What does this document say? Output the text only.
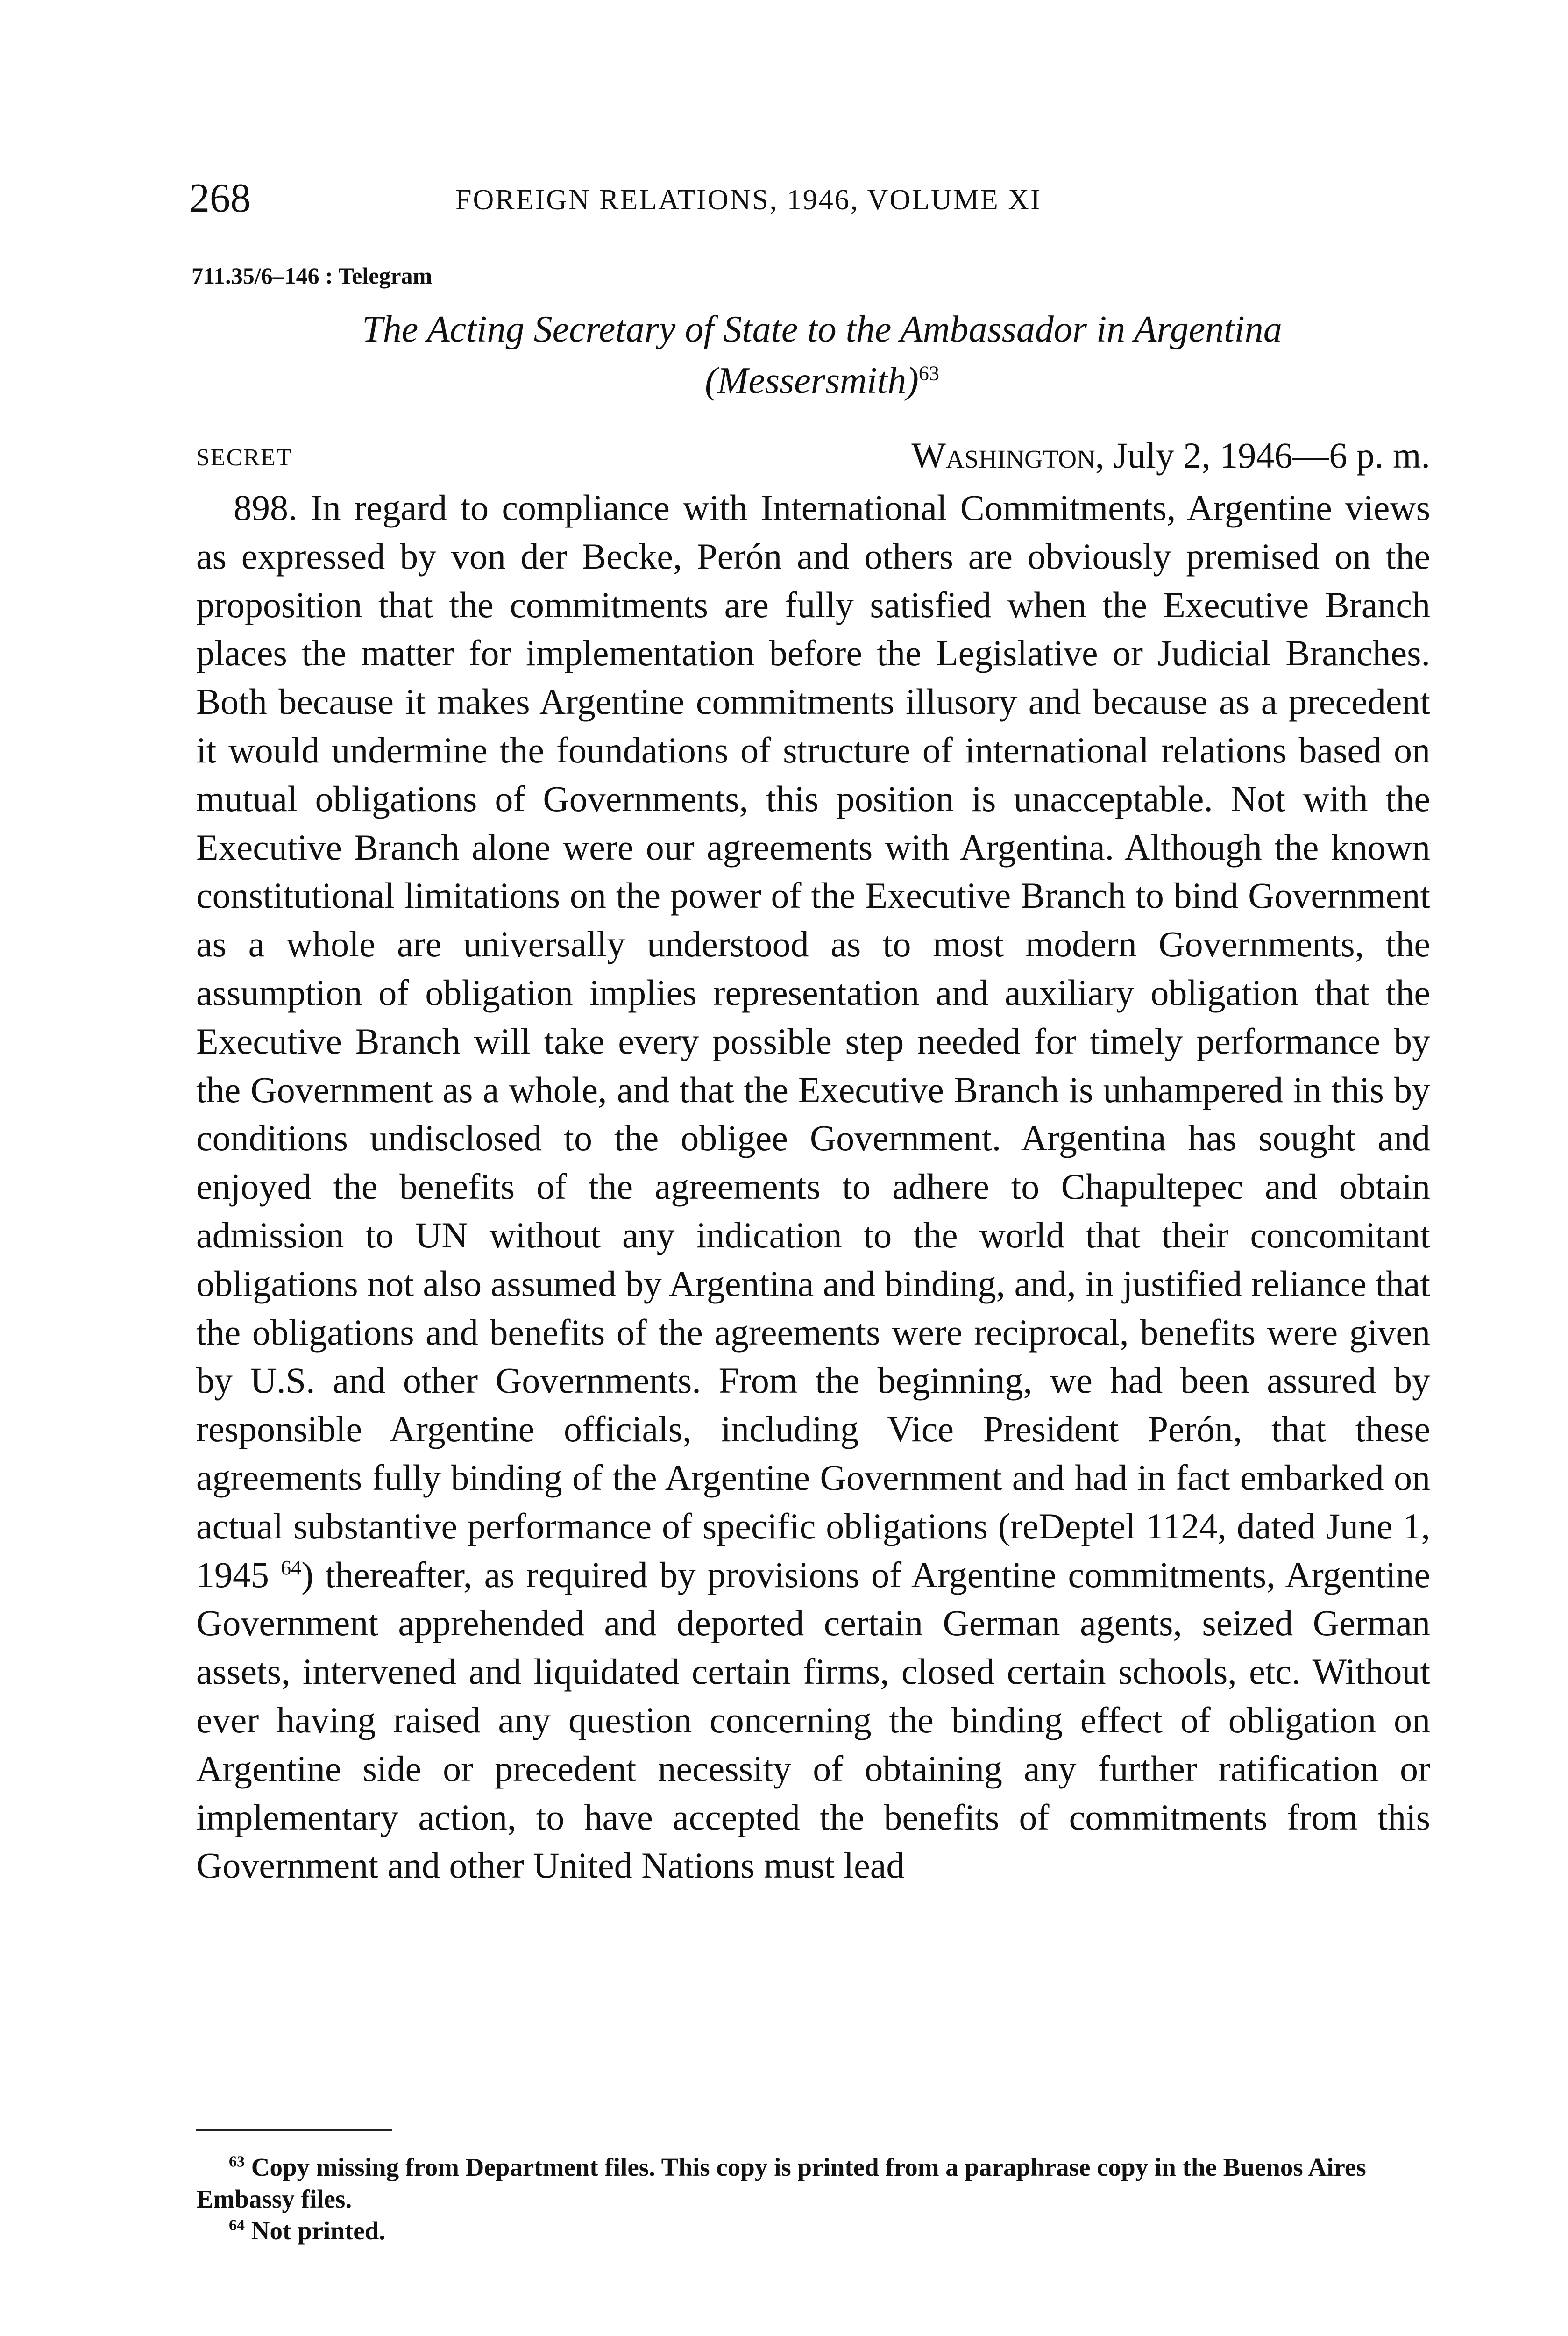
268	FOREIGN RELATIONS, 1946, VOLUME XI
711.35/6–146 : Telegram
The Acting Secretary of State to the Ambassador in Argentina
(Messersmith)$^{63}$
SECRET	Washington, July 2, 1946—6 p. m.

898. In regard to compliance with International Commitments, Argentine views as expressed by von der Becke, Perón and others are obviously premised on the proposition that the commitments are fully satisfied when the Executive Branch places the matter for implementation before the Legislative or Judicial Branches. Both because it makes Argentine commitments illusory and because as a precedent it would undermine the foundations of structure of international relations based on mutual obligations of Governments, this position is unacceptable. Not with the Executive Branch alone were our agreements with Argentina. Although the known constitutional limitations on the power of the Executive Branch to bind Government as a whole are universally understood as to most modern Governments, the assumption of obligation implies representation and auxiliary obligation that the Executive Branch will take every possible step needed for timely performance by the Government as a whole, and that the Executive Branch is unhampered in this by conditions undisclosed to the obligee Government. Argentina has sought and enjoyed the benefits of the agreements to adhere to Chapultepec and obtain admission to UN without any indication to the world that their concomitant obligations not also assumed by Argentina and binding, and, in justified reliance that the obligations and benefits of the agreements were reciprocal, benefits were given by U.S. and other Governments. From the beginning, we had been assured by responsible Argentine officials, including Vice President Perón, that these agreements fully binding of the Argentine Government and had in fact embarked on actual substantive performance of specific obligations (reDeptel 1124, dated June 1, 1945 $^{64}$) thereafter, as required by provisions of Argentine commitments, Argentine Government apprehended and deported certain German agents, seized German assets, intervened and liquidated certain firms, closed certain schools, etc. Without ever having raised any question concerning the binding effect of obligation on Argentine side or precedent necessity of obtaining any further ratification or implementary action, to have accepted the benefits of commitments from this Government and other United Nations must lead

$^{63}$ Copy missing from Department files. This copy is printed from a paraphrase copy in the Buenos Aires Embassy files.

$^{64}$ Not printed.
